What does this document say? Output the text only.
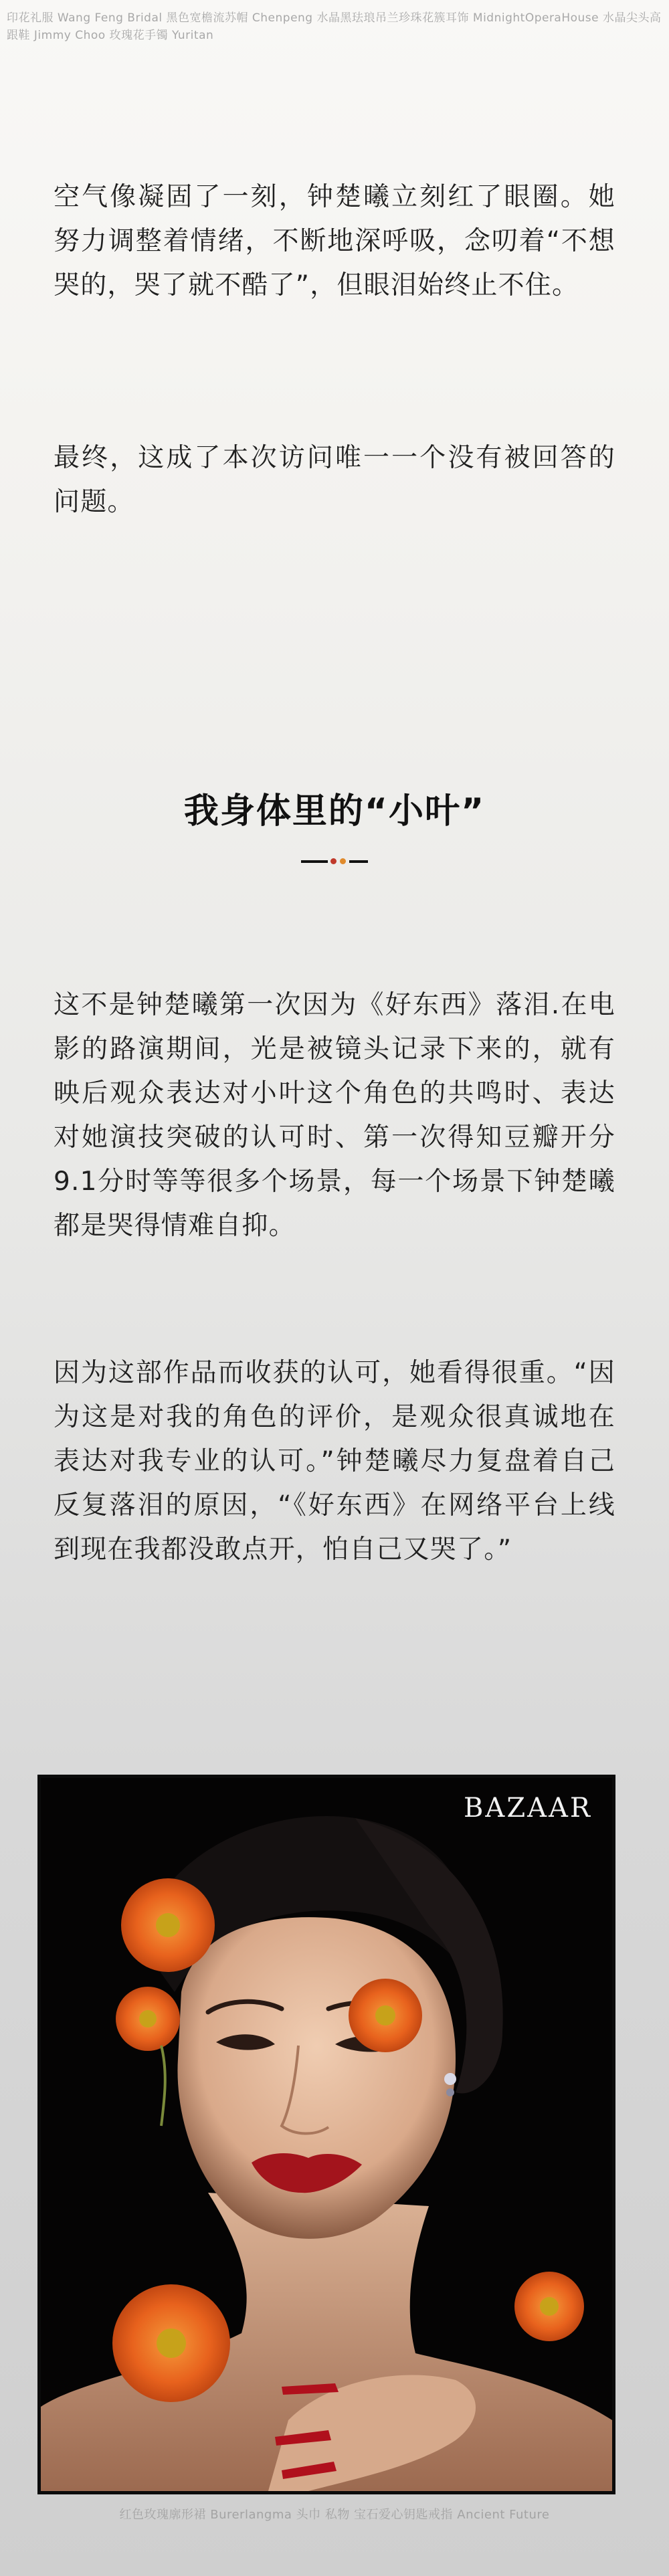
印花礼服 Wang Feng Bridal 黑色宽檐流苏帽 Chenpeng 水晶黑珐琅吊兰珍珠花簇耳饰 MidnightOperaHouse 水晶尖头高跟鞋 Jimmy Choo 玫瑰花手镯 Yuritan

空气像凝固了一刻，钟楚曦立刻红了眼圈。她努力调整着情绪，不断地深呼吸，念叨着“不想哭的，哭了就不酷了”，但眼泪始终止不住。

最终，这成了本次访问唯一一个没有被回答的问题。

我身体里的“小叶”

这不是钟楚曦第一次因为《好东西》落泪.在电影的路演期间，光是被镜头记录下来的，就有映后观众表达对小叶这个角色的共鸣时、表达对她演技突破的认可时、第一次得知豆瓣开分9.1分时等等很多个场景，每一个场景下钟楚曦都是哭得情难自抑。

因为这部作品而收获的认可，她看得很重。“因为这是对我的角色的评价，是观众很真诚地在表达对我专业的认可。”钟楚曦尽力复盘着自己反复落泪的原因，“《好东西》在网络平台上线到现在我都没敢点开，怕自己又哭了。”

BAZAAR
红色玫瑰廓形裙 Burerlangma 头巾 私物 宝石爱心钥匙戒指 Ancient Future
